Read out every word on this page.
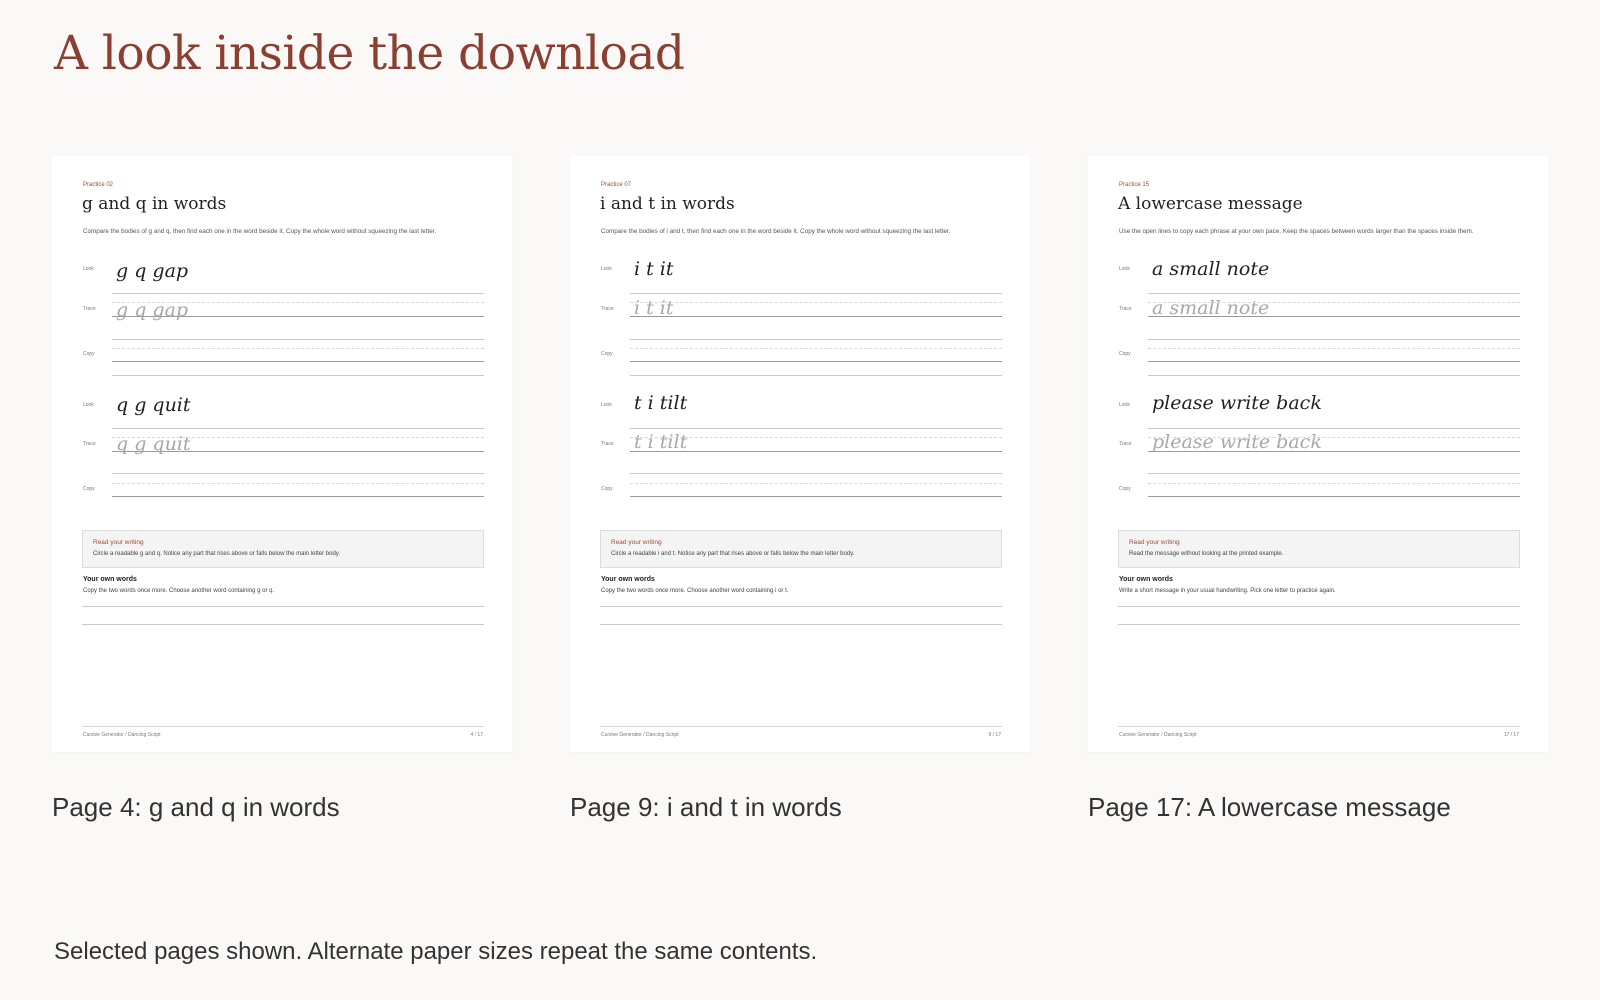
A look inside the download
Practice 02
g and q in words
Compare the bodies of g and q, then find each one in the word beside it. Copy the whole word without squeezing the last letter.
Look g q gap
Trace g q gap
Copy
Look q g quit
Trace q g quit
Copy
Read your writing
Circle a readable g and q. Notice any part that rises above or falls below the main letter body.
Your own words
Copy the two words once more. Choose another word containing g or q.
Cursive Generator / Dancing Script	4 / 17
Page 4: g and q in words
Practice 07
i and t in words
Compare the bodies of i and t, then find each one in the word beside it. Copy the whole word without squeezing the last letter.
Look i t it
Trace i t it
Copy
Look t i tilt
Trace t i tilt
Copy
Read your writing
Circle a readable i and t. Notice any part that rises above or falls below the main letter body.
Your own words
Copy the two words once more. Choose another word containing i or t.
Cursive Generator / Dancing Script	9 / 17
Page 9: i and t in words
Practice 15
A lowercase message
Use the open lines to copy each phrase at your own pace. Keep the spaces between words larger than the spaces inside them.
Look a small note
Trace a small note
Copy
Look please write back
Trace please write back
Copy
Read your writing
Read the message without looking at the printed example.
Your own words
Write a short message in your usual handwriting. Pick one letter to practice again.
Cursive Generator / Dancing Script	17 / 17
Page 17: A lowercase message
Selected pages shown. Alternate paper sizes repeat the same contents.
